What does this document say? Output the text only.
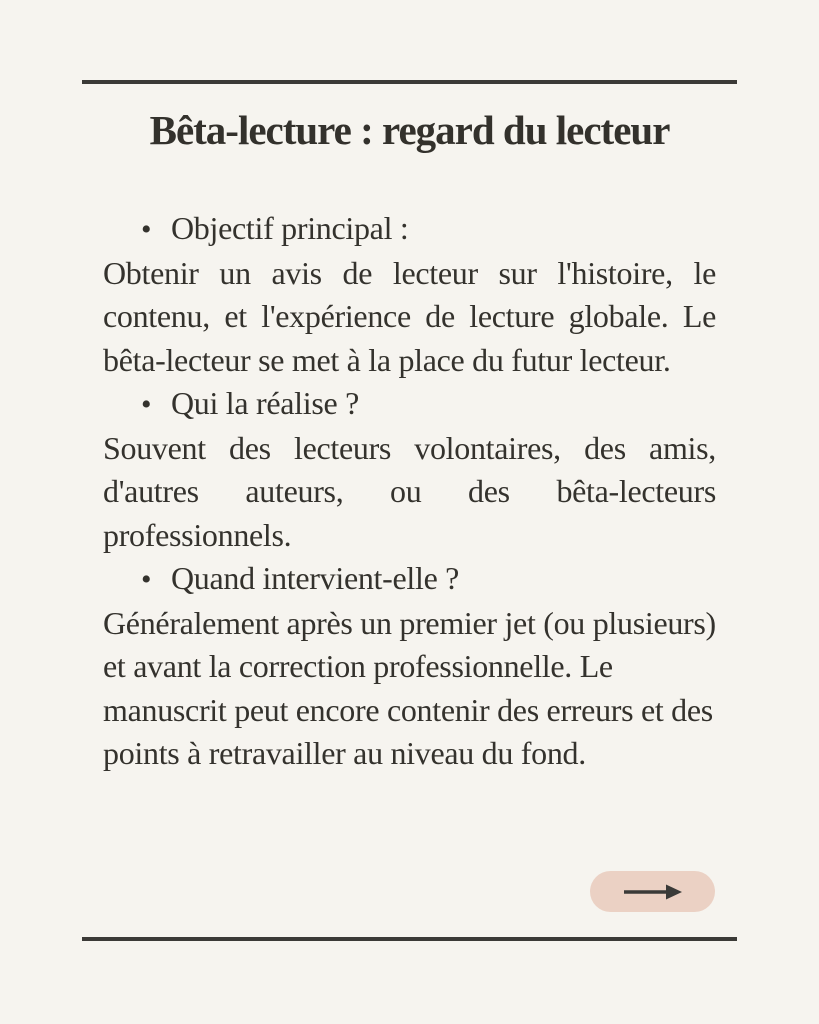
Bêta-lecture : regard du lecteur
• Objectif principal :

Obtenir un avis de lecteur sur l'histoire, le contenu, et l'expérience de lecture globale. Le bêta-lecteur se met à la place du futur lecteur.

• Qui la réalise ?

Souvent des lecteurs volontaires, des amis, d'autres auteurs, ou des bêta-lecteurs professionnels.

• Quand intervient-elle ?

Généralement après un premier jet (ou plusieurs) et avant la correction professionnelle. Le manuscrit peut encore contenir des erreurs et des points à retravailler au niveau du fond.
